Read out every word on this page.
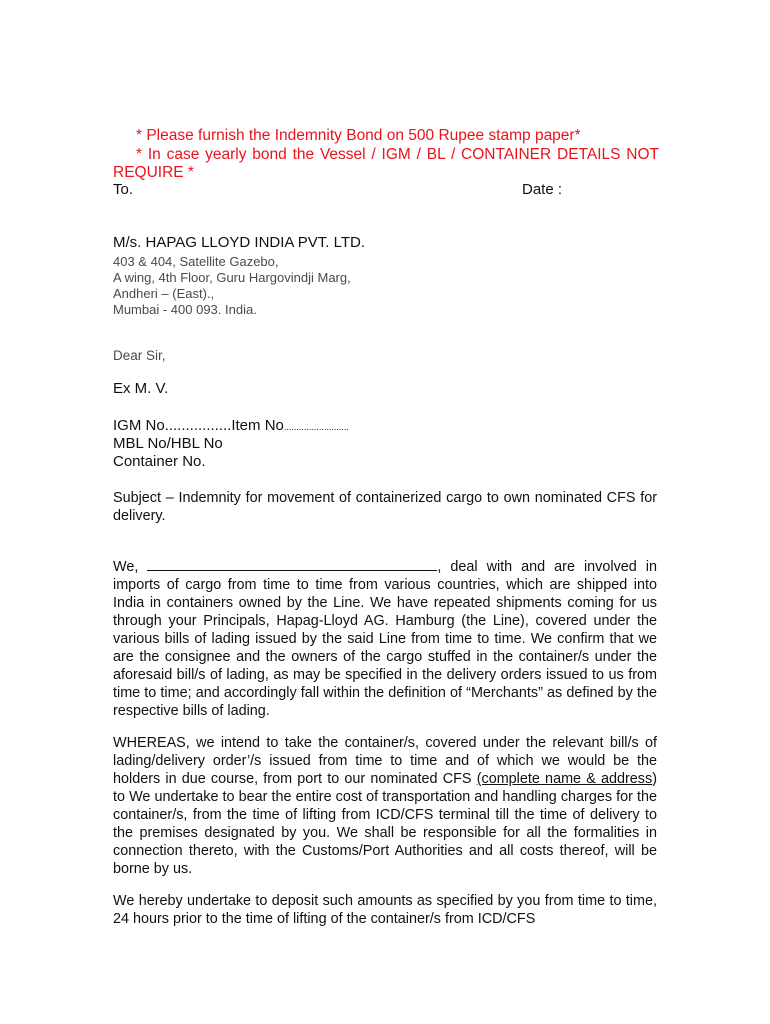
* Please furnish the Indemnity Bond on 500 Rupee stamp paper*
* In case yearly bond the Vessel / IGM / BL / CONTAINER DETAILS NOT
REQUIRE *
To.	Date :
M/s. HAPAG LLOYD INDIA PVT. LTD.
403 & 404, Satellite Gazebo,
A wing, 4th Floor, Guru Hargovindji Marg,
Andheri – (East).,
Mumbai - 400 093. India.
Dear Sir,
Ex M. V.
IGM No................Item No..........................
MBL No/HBL No
Container No.
Subject – Indemnity for movement of containerized cargo to own nominated CFS for delivery.
We,	, deal with and are involved in imports of cargo from time to time from various countries, which are shipped into India in containers owned by the Line. We have repeated shipments coming for us through your Principals, Hapag-Lloyd AG. Hamburg (the Line), covered under the various bills of lading issued by the said Line from time to time. We confirm that we are the consignee and the owners of the cargo stuffed in the container/s under the aforesaid bill/s of lading, as may be specified in the delivery orders issued to us from time to time; and accordingly fall within the definition of “Merchants” as defined by the respective bills of lading.
WHEREAS, we intend to take the container/s, covered under the relevant bill/s of lading/delivery order’/s issued from time to time and of which we would be the holders in due course, from port to our nominated CFS (complete name & address) to We undertake to bear the entire cost of transportation and handling charges for the container/s, from the time of lifting from ICD/CFS terminal till the time of delivery to the premises designated by you. We shall be responsible for all the formalities in connection thereto, with the Customs/Port Authorities and all costs thereof, will be borne by us.
We hereby undertake to deposit such amounts as specified by you from time to time, 24 hours prior to the time of lifting of the container/s from ICD/CFS
